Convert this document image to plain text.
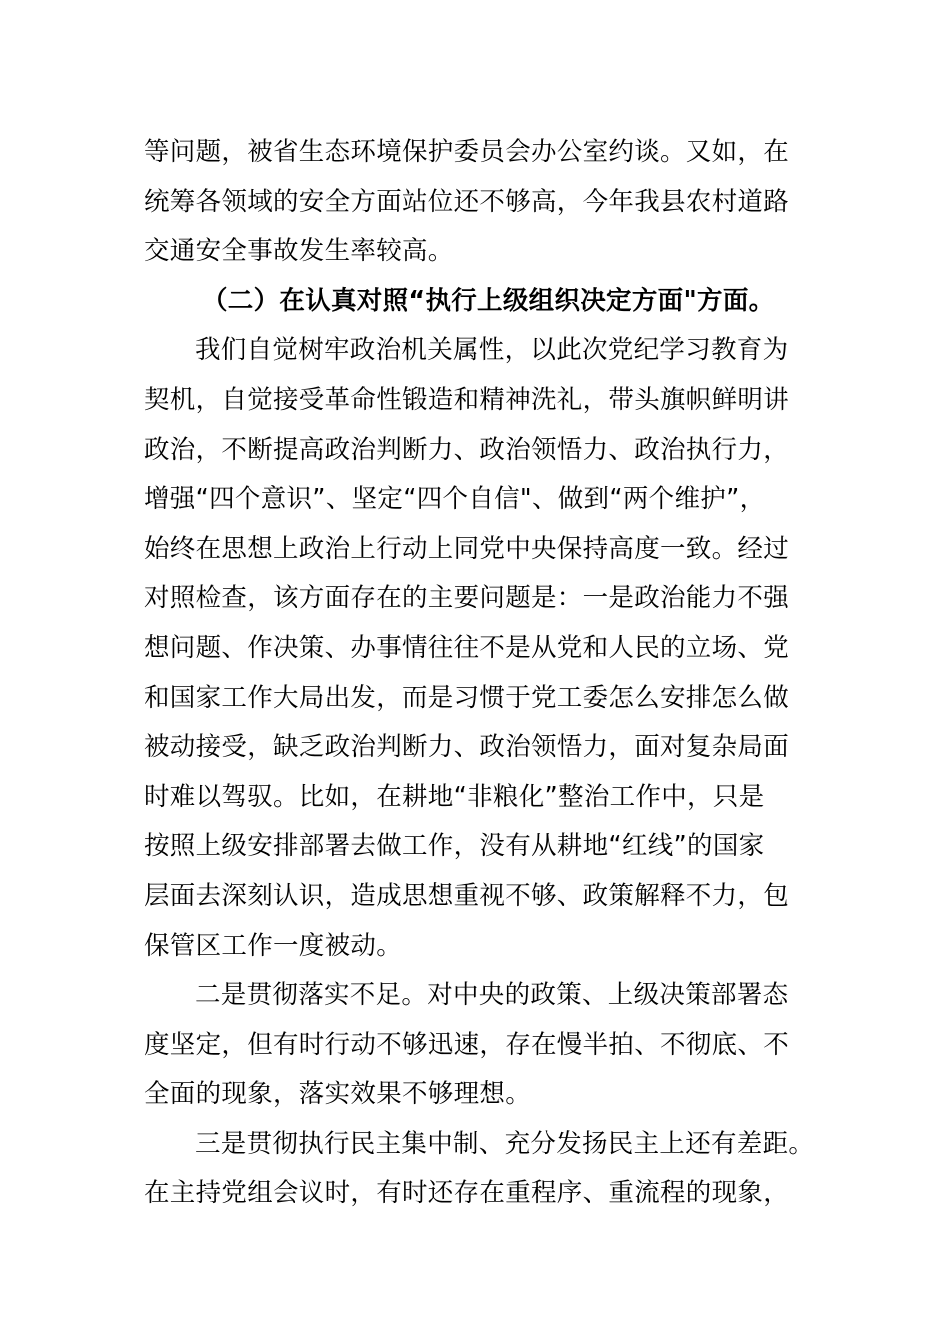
等问题，被省生态环境保护委员会办公室约谈。又如，在
统筹各领域的安全方面站位还不够高，今年我县农村道路
交通安全事故发生率较高。
（二）在认真对照“执行上级组织决定方面"方面。
我们自觉树牢政治机关属性，以此次党纪学习教育为
契机，自觉接受革命性锻造和精神洗礼，带头旗帜鲜明讲
政治，不断提高政治判断力、政治领悟力、政治执行力，
增强“四个意识”、坚定“四个自信"、做到“两个维护”，
始终在思想上政治上行动上同党中央保持高度一致。经过
对照检查，该方面存在的主要问题是：一是政治能力不强
想问题、作决策、办事情往往不是从党和人民的立场、党
和国家工作大局出发，而是习惯于党工委怎么安排怎么做
被动接受，缺乏政治判断力、政治领悟力，面对复杂局面
时难以驾驭。比如，在耕地“非粮化”整治工作中，只是
按照上级安排部署去做工作，没有从耕地“红线”的国家
层面去深刻认识，造成思想重视不够、政策解释不力，包
保管区工作一度被动。
二是贯彻落实不足。对中央的政策、上级决策部署态
度坚定，但有时行动不够迅速，存在慢半拍、不彻底、不
全面的现象，落实效果不够理想。
三是贯彻执行民主集中制、充分发扬民主上还有差距。
在主持党组会议时，有时还存在重程序、重流程的现象，
